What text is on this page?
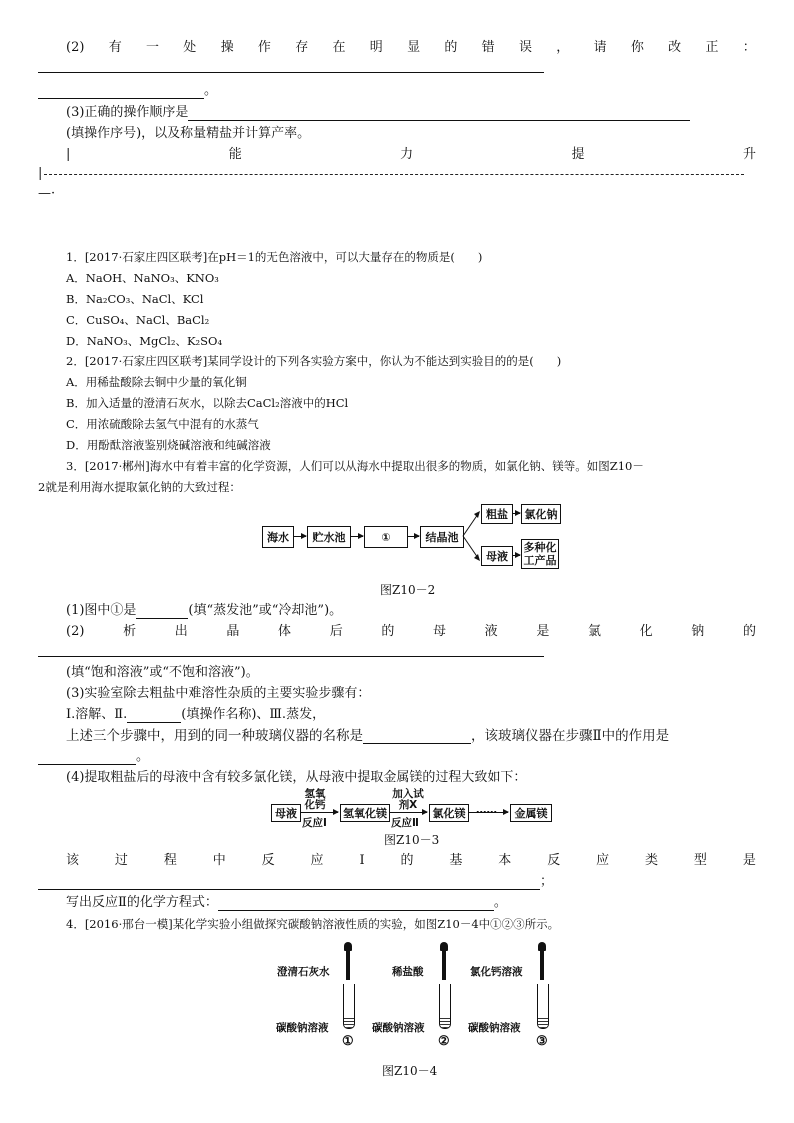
(2) 有 一 处 操 作 存 在 明 显 的 错 误 ， 请 你 改 正 ：
。
(3)正确的操作顺序是
(填操作序号)，以及称量精盐并计算产率。
|	能	力	提	升
|
—·
1．[2017·石家庄四区联考]在pH＝1的无色溶液中，可以大量存在的物质是(　　)
A．NaOH、NaNO₃、KNO₃
B．Na₂CO₃、NaCl、KCl
C．CuSO₄、NaCl、BaCl₂
D．NaNO₃、MgCl₂、K₂SO₄
2．[2017·石家庄四区联考]某同学设计的下列各实验方案中，你认为不能达到实验目的的是(　　)
A．用稀盐酸除去铜中少量的氧化铜
B．加入适量的澄清石灰水，以除去CaCl₂溶液中的HCl
C．用浓硫酸除去氢气中混有的水蒸气
D．用酚酞溶液鉴别烧碱溶液和纯碱溶液
3．[2017·郴州]海水中有着丰富的化学资源，人们可以从海水中提取出很多的物质，如氯化钠、镁等。如图Z10－
2就是利用海水提取氯化钠的大致过程：
海水	贮水池	①	结晶池
粗盐	氯化钠
母液
多种化工产品
图Z10－2
(1)图中①是	(填“蒸发池”或“冷却池”)。
(2)	析	出	晶	体	后	的	母	液	是	氯	化	钠	的
(填“饱和溶液”或“不饱和溶液”)。
(3)实验室除去粗盐中难溶性杂质的主要实验步骤有：
Ⅰ.溶解、Ⅱ.	(填操作名称)、Ⅲ.蒸发，
上述三个步骤中，用到的同一种玻璃仪器的名称是	，该玻璃仪器在步骤Ⅱ中的作用是
。
(4)提取粗盐后的母液中含有较多氯化镁，从母液中提取金属镁的过程大致如下：
母液
氢氧化钙
反应Ⅰ
氢氧化镁
加入试剂X
反应Ⅱ
氯化镁	……	金属镁
图Z10－3
该	过	程	中	反	应	Ⅰ	的	基	本	反	应	类	型	是
；
写出反应Ⅱ的化学方程式：	。
4．[2016·邢台一模]某化学实验小组做探究碳酸钠溶液性质的实验，如图Z10－4中①②③所示。
澄清石灰水
碳酸钠溶液
①
稀盐酸
碳酸钠溶液
②
氯化钙溶液
碳酸钠溶液
③
图Z10－4
